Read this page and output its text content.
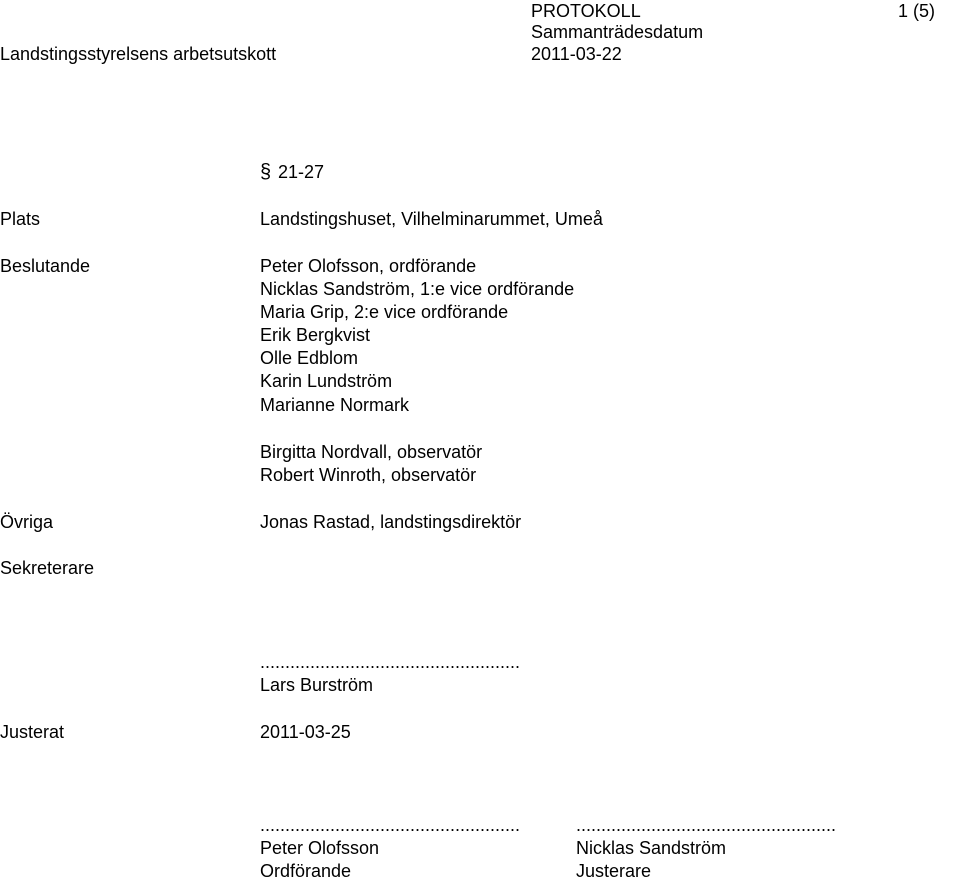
Landstingsstyrelsens arbetsutskott
PROTOKOLL	1 (5)
Sammanträdesdatum
2011-03-22
§ 21-27
Plats	Landstingshuset, Vilhelminarummet, Umeå
Beslutande	Peter Olofsson, ordförande
Nicklas Sandström, 1:e vice ordförande
Maria Grip, 2:e vice ordförande
Erik Bergkvist
Olle Edblom
Karin Lundström
Marianne Normark
Birgitta Nordvall, observatör
Robert Winroth, observatör
Övriga	Jonas Rastad, landstingsdirektör
Sekreterare
....................................................
Lars Burström
Justerat	2011-03-25
....................................................
Peter Olofsson
Ordförande
....................................................
Nicklas Sandström
Justerare
